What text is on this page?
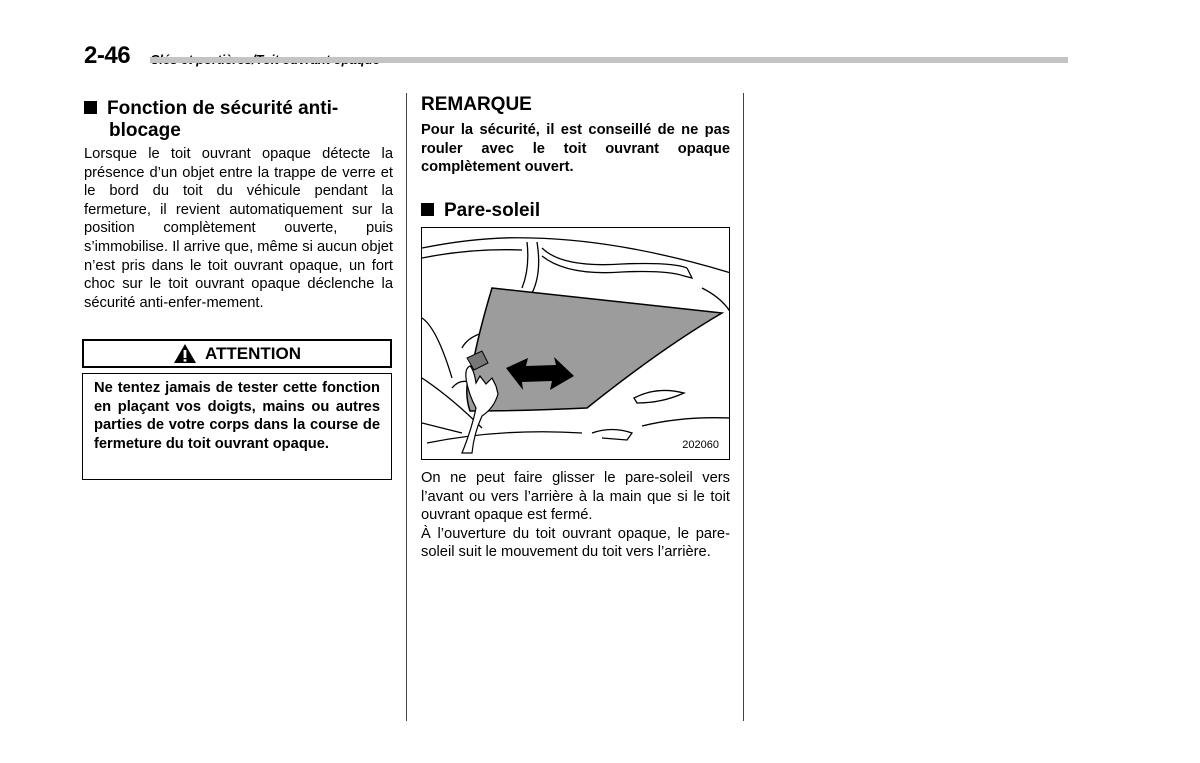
2-46
Fonction de sécurité anti-
blocage
Lorsque le toit ouvrant opaque détecte la présence d’un objet entre la trappe de verre et le bord du toit du véhicule pendant la fermeture, il revient automatiquement sur la position complètement ouverte, puis s’immobilise. Il arrive que, même si aucun objet n’est pris dans le toit ouvrant opaque, un fort choc sur le toit ouvrant opaque déclenche la sécurité anti-enfer-mement.
ATTENTION
Ne tentez jamais de tester cette fonction en plaçant vos doigts, mains ou autres parties de votre corps dans la course de fermeture du toit ouvrant opaque.
REMARQUE
Pour la sécurité, il est conseillé de ne pas rouler avec le toit ouvrant opaque complètement ouvert.
Pare-soleil
202060

On ne peut faire glisser le pare-soleil vers l’avant ou vers l’arrière à la main que si le toit ouvrant opaque est fermé.

À l’ouverture du toit ouvrant opaque, le pare-soleil suit le mouvement du toit vers l’arrière.
